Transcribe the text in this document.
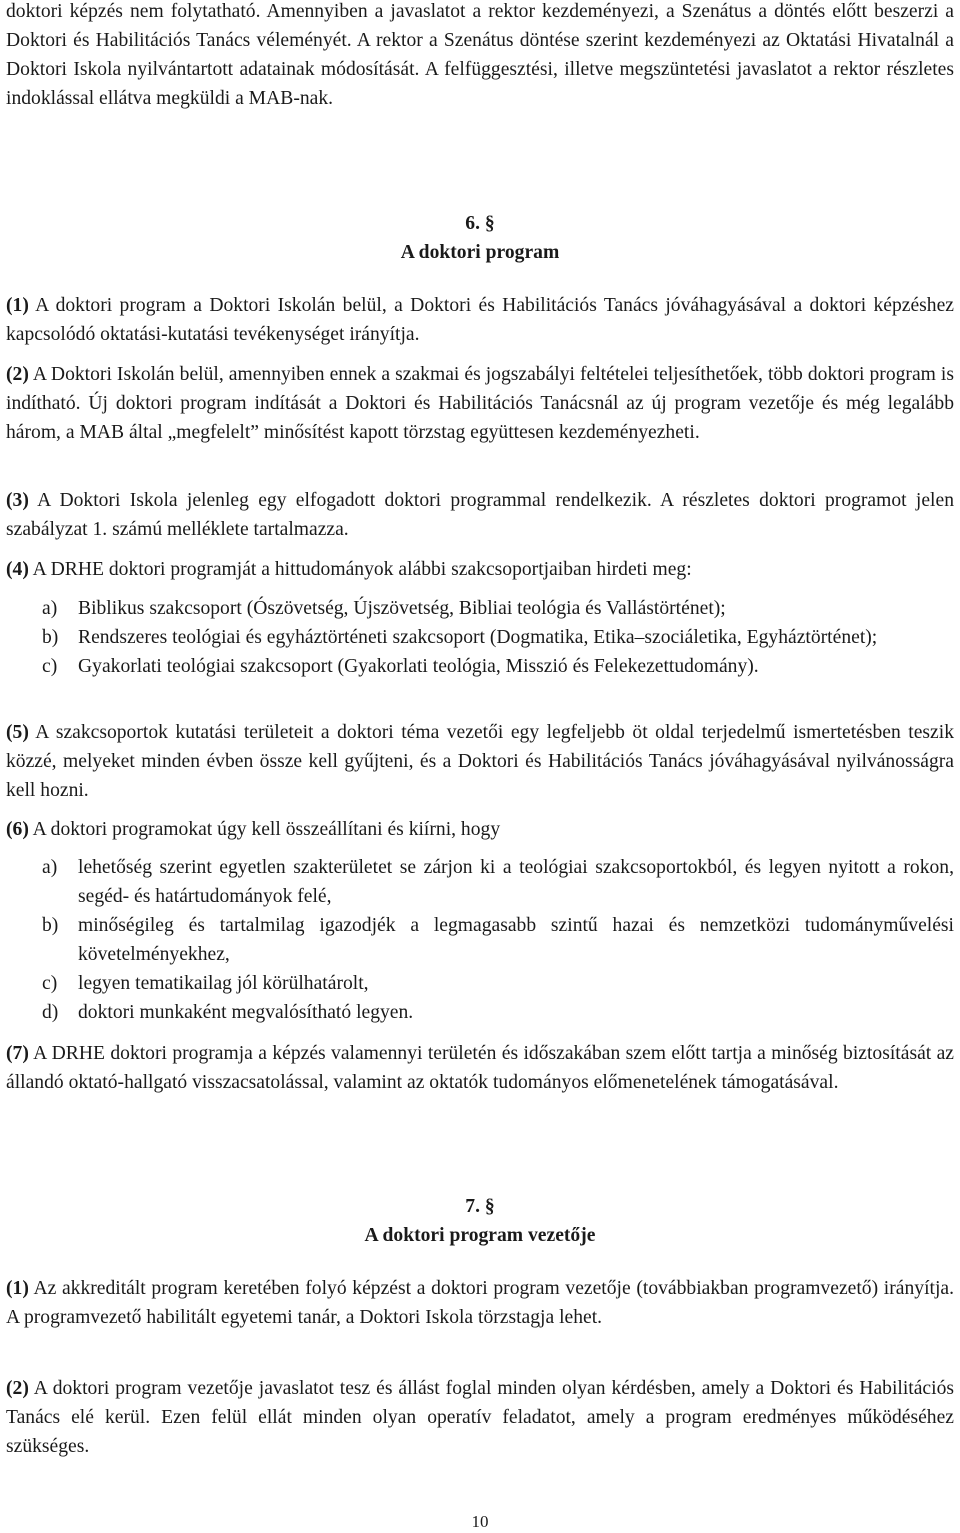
doktori képzés nem folytatható. Amennyiben a javaslatot a rektor kezdeményezi, a Szenátus a döntés előtt beszerzi a Doktori és Habilitációs Tanács véleményét. A rektor a Szenátus döntése szerint kezdeményezi az Oktatási Hivatalnál a Doktori Iskola nyilvántartott adatainak módosítását. A felfüggesztési, illetve megszüntetési javaslatot a rektor részletes indoklással ellátva megküldi a MAB-nak.

6. §
A doktori program

(1) A doktori program a Doktori Iskolán belül, a Doktori és Habilitációs Tanács jóváhagyásával a doktori képzéshez kapcsolódó oktatási-kutatási tevékenységet irányítja.

(2) A Doktori Iskolán belül, amennyiben ennek a szakmai és jogszabályi feltételei teljesíthetőek, több doktori program is indítható. Új doktori program indítását a Doktori és Habilitációs Tanácsnál az új program vezetője és még legalább három, a MAB által „megfelelt” minősítést kapott törzstag együttesen kezdeményezheti.

(3) A Doktori Iskola jelenleg egy elfogadott doktori programmal rendelkezik. A részletes doktori programot jelen szabályzat 1. számú melléklete tartalmazza.

(4) A DRHE doktori programját a hittudományok alábbi szakcsoportjaiban hirdeti meg:

a) Biblikus szakcsoport (Ószövetség, Újszövetség, Bibliai teológia és Vallástörténet);
b) Rendszeres teológiai és egyháztörténeti szakcsoport (Dogmatika, Etika–szociáletika, Egyháztörténet);
c) Gyakorlati teológiai szakcsoport (Gyakorlati teológia, Misszió és Felekezettudomány).

(5) A szakcsoportok kutatási területeit a doktori téma vezetői egy legfeljebb öt oldal terjedelmű ismertetésben teszik közzé, melyeket minden évben össze kell gyűjteni, és a Doktori és Habilitációs Tanács jóváhagyásával nyilvánosságra kell hozni.

(6) A doktori programokat úgy kell összeállítani és kiírni, hogy

a) lehetőség szerint egyetlen szakterületet se zárjon ki a teológiai szakcsoportokból, és legyen nyitott a rokon, segéd- és határtudományok felé,
b) minőségileg és tartalmilag igazodjék a legmagasabb szintű hazai és nemzetközi tudományművelési követelményekhez,
c) legyen tematikailag jól körülhatárolt,
d) doktori munkaként megvalósítható legyen.

(7) A DRHE doktori programja a képzés valamennyi területén és időszakában szem előtt tartja a minőség biztosítását az állandó oktató-hallgató visszacsatolással, valamint az oktatók tudományos előmenetelének támogatásával.

7. §
A doktori program vezetője

(1) Az akkreditált program keretében folyó képzést a doktori program vezetője (továbbiakban programvezető) irányítja. A programvezető habilitált egyetemi tanár, a Doktori Iskola törzstagja lehet.

(2) A doktori program vezetője javaslatot tesz és állást foglal minden olyan kérdésben, amely a Doktori és Habilitációs Tanács elé kerül. Ezen felül ellát minden olyan operatív feladatot, amely a program eredményes működéséhez szükséges.

10
